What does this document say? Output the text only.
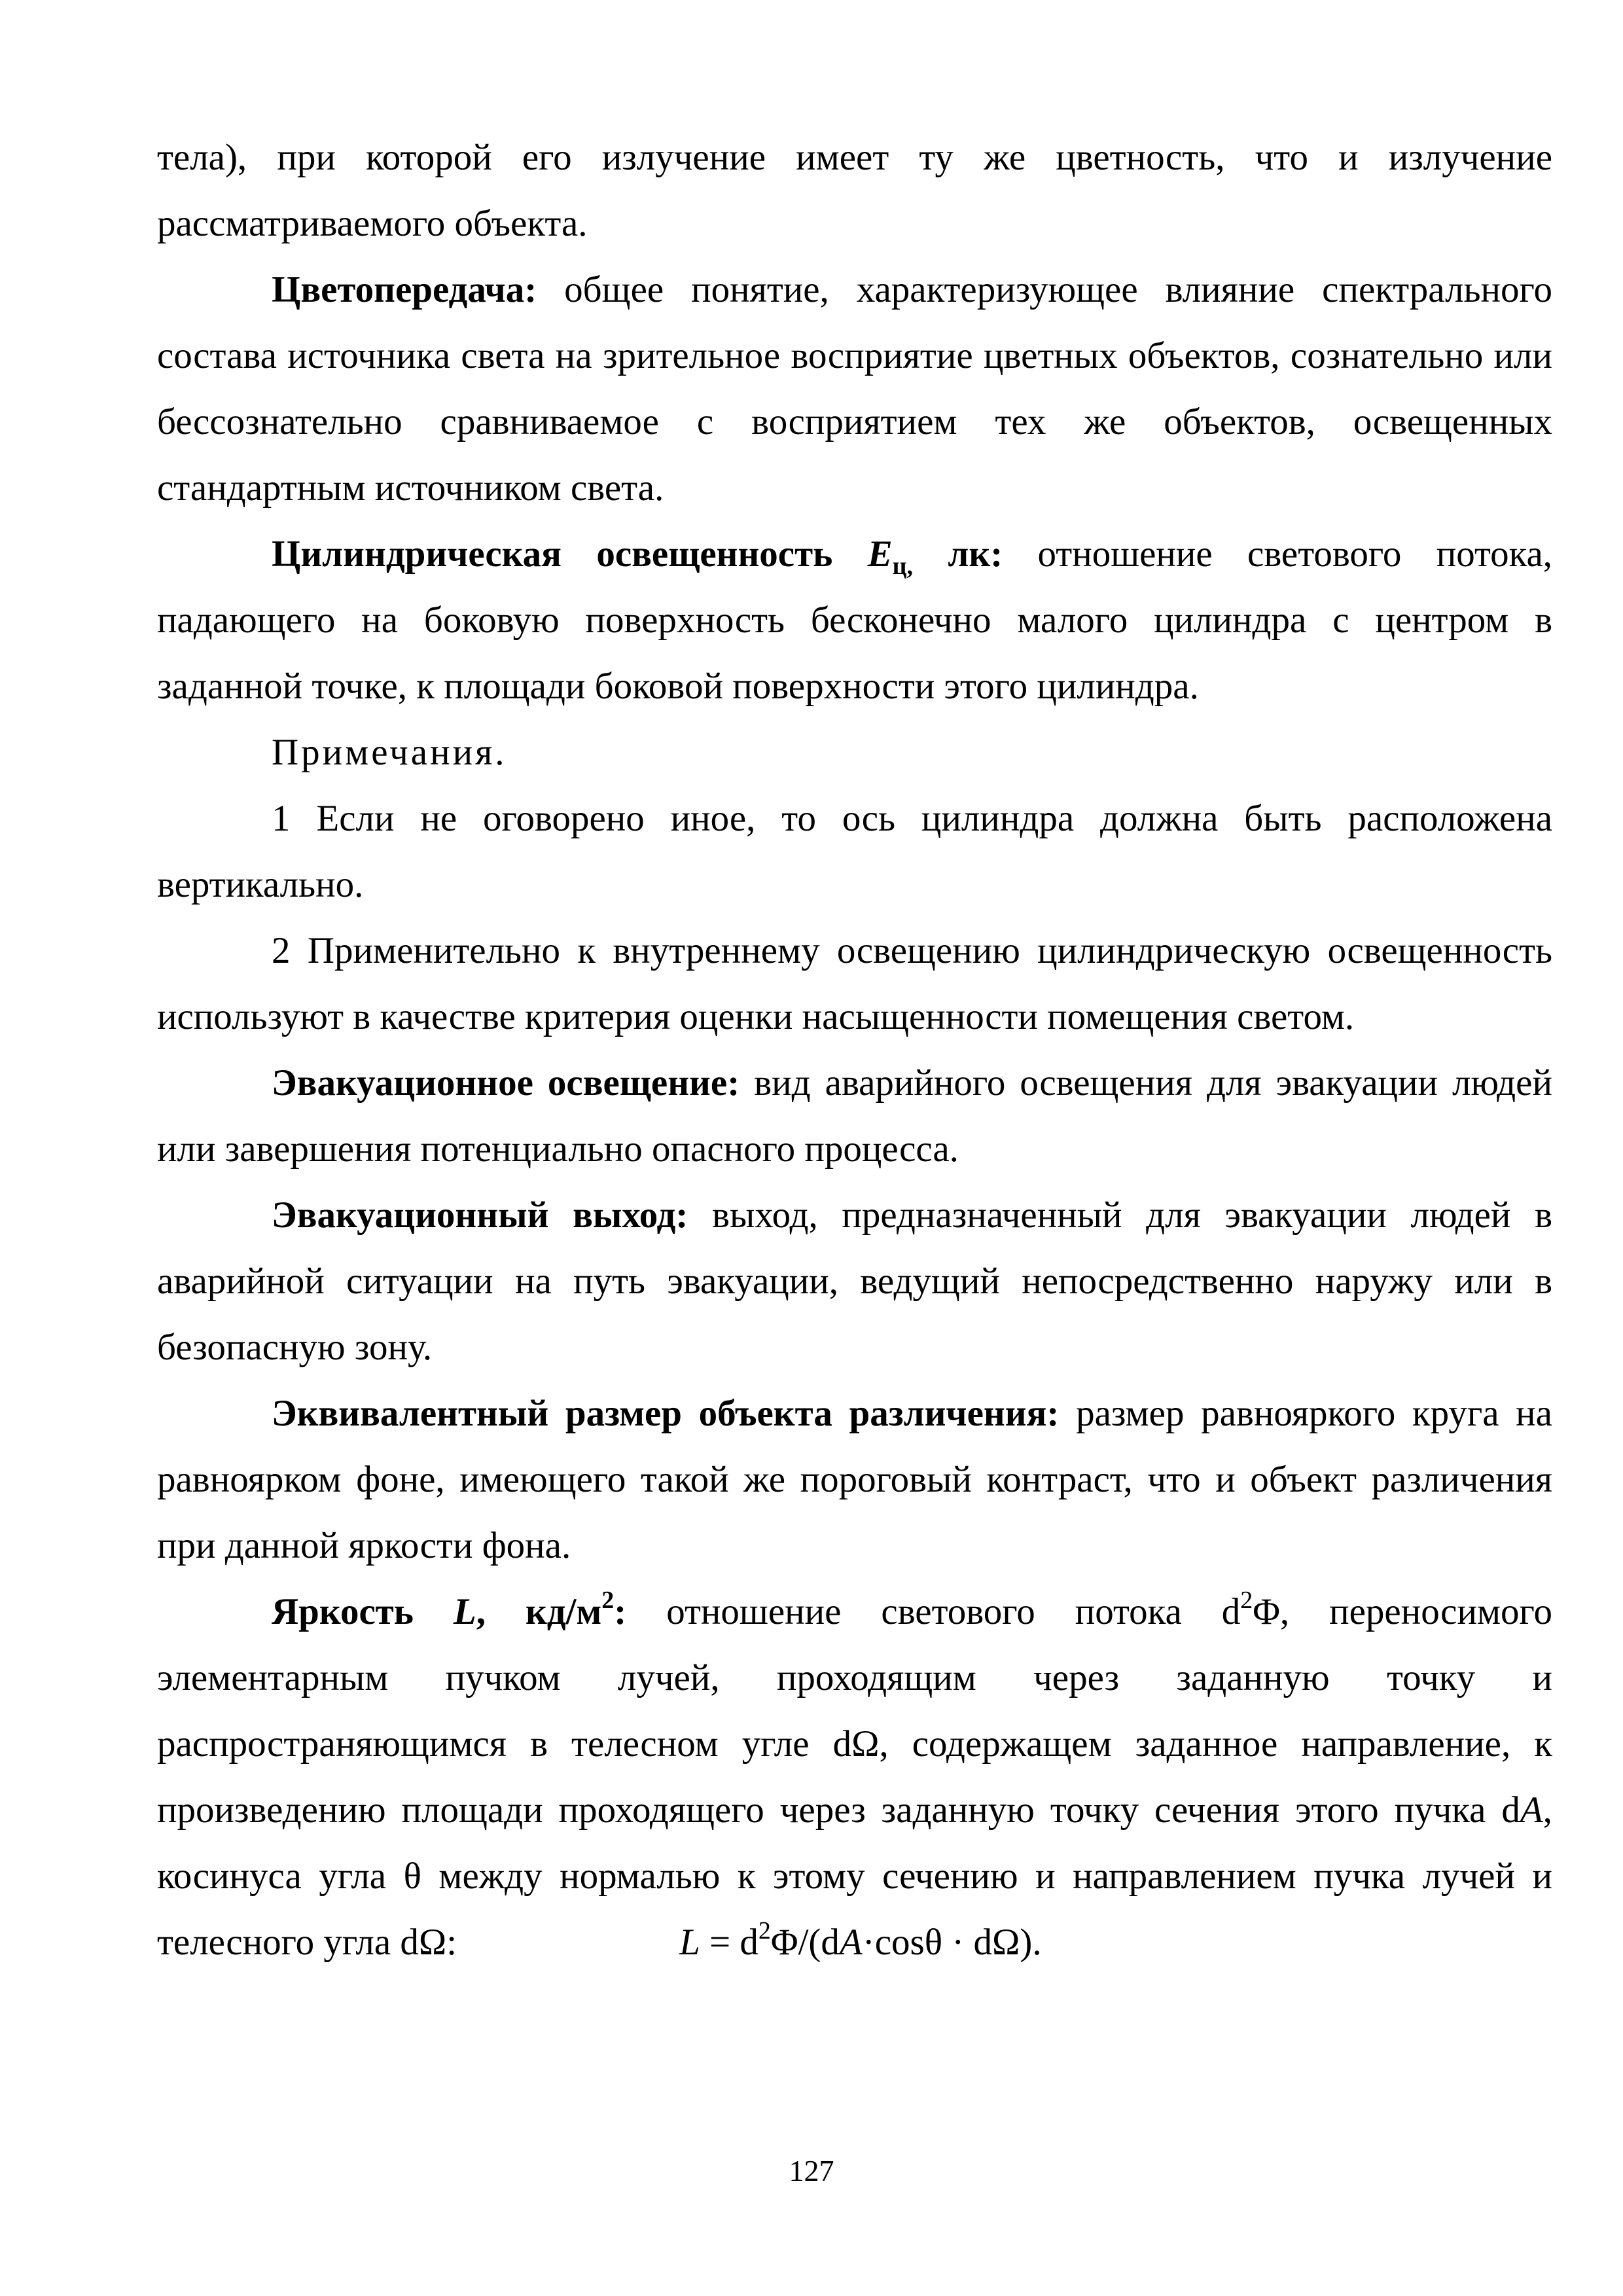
тела), при которой его излучение имеет ту же цветность, что и излучение рассматриваемого объекта.

Цветопередача: общее понятие, характеризующее влияние спектрального состава источника света на зрительное восприятие цветных объектов, сознательно или бессознательно сравниваемое с восприятием тех же объектов, освещенных стандартным источником света.

Цилиндрическая освещенность $E_{ц,}$ лк: отношение светового потока, падающего на боковую поверхность бесконечно малого цилиндра с центром в заданной точке, к площади боковой поверхности этого цилиндра.

Примечания.

1 Если не оговорено иное, то ось цилиндра должна быть расположена вертикально.

2 Применительно к внутреннему освещению цилиндрическую освещенность используют в качестве критерия оценки насыщенности помещения светом.

Эвакуационное освещение: вид аварийного освещения для эвакуации людей или завершения потенциально опасного процесса.

Эвакуационный выход: выход, предназначенный для эвакуации людей в аварийной ситуации на путь эвакуации, ведущий непосредственно наружу или в безопасную зону.

Эквивалентный размер объекта различения: размер равнояркого круга на равноярком фоне, имеющего такой же пороговый контраст, что и объект различения при данной яркости фона.

Яркость L, $кд/м^2$: отношение светового потока $d^2\Phi$, переносимого элементарным пучком лучей, проходящим через заданную точку и распространяющимся в телесном угле dΩ, содержащем заданное направление, к произведению площади проходящего через заданную точку сечения этого пучка dA, косинуса угла θ между нормалью к этому сечению и направлением пучка лучей и телесного угла dΩ:	$L = d^2\Phi/(dA\cdot\cos\theta \cdot d\Omega)$.

127
